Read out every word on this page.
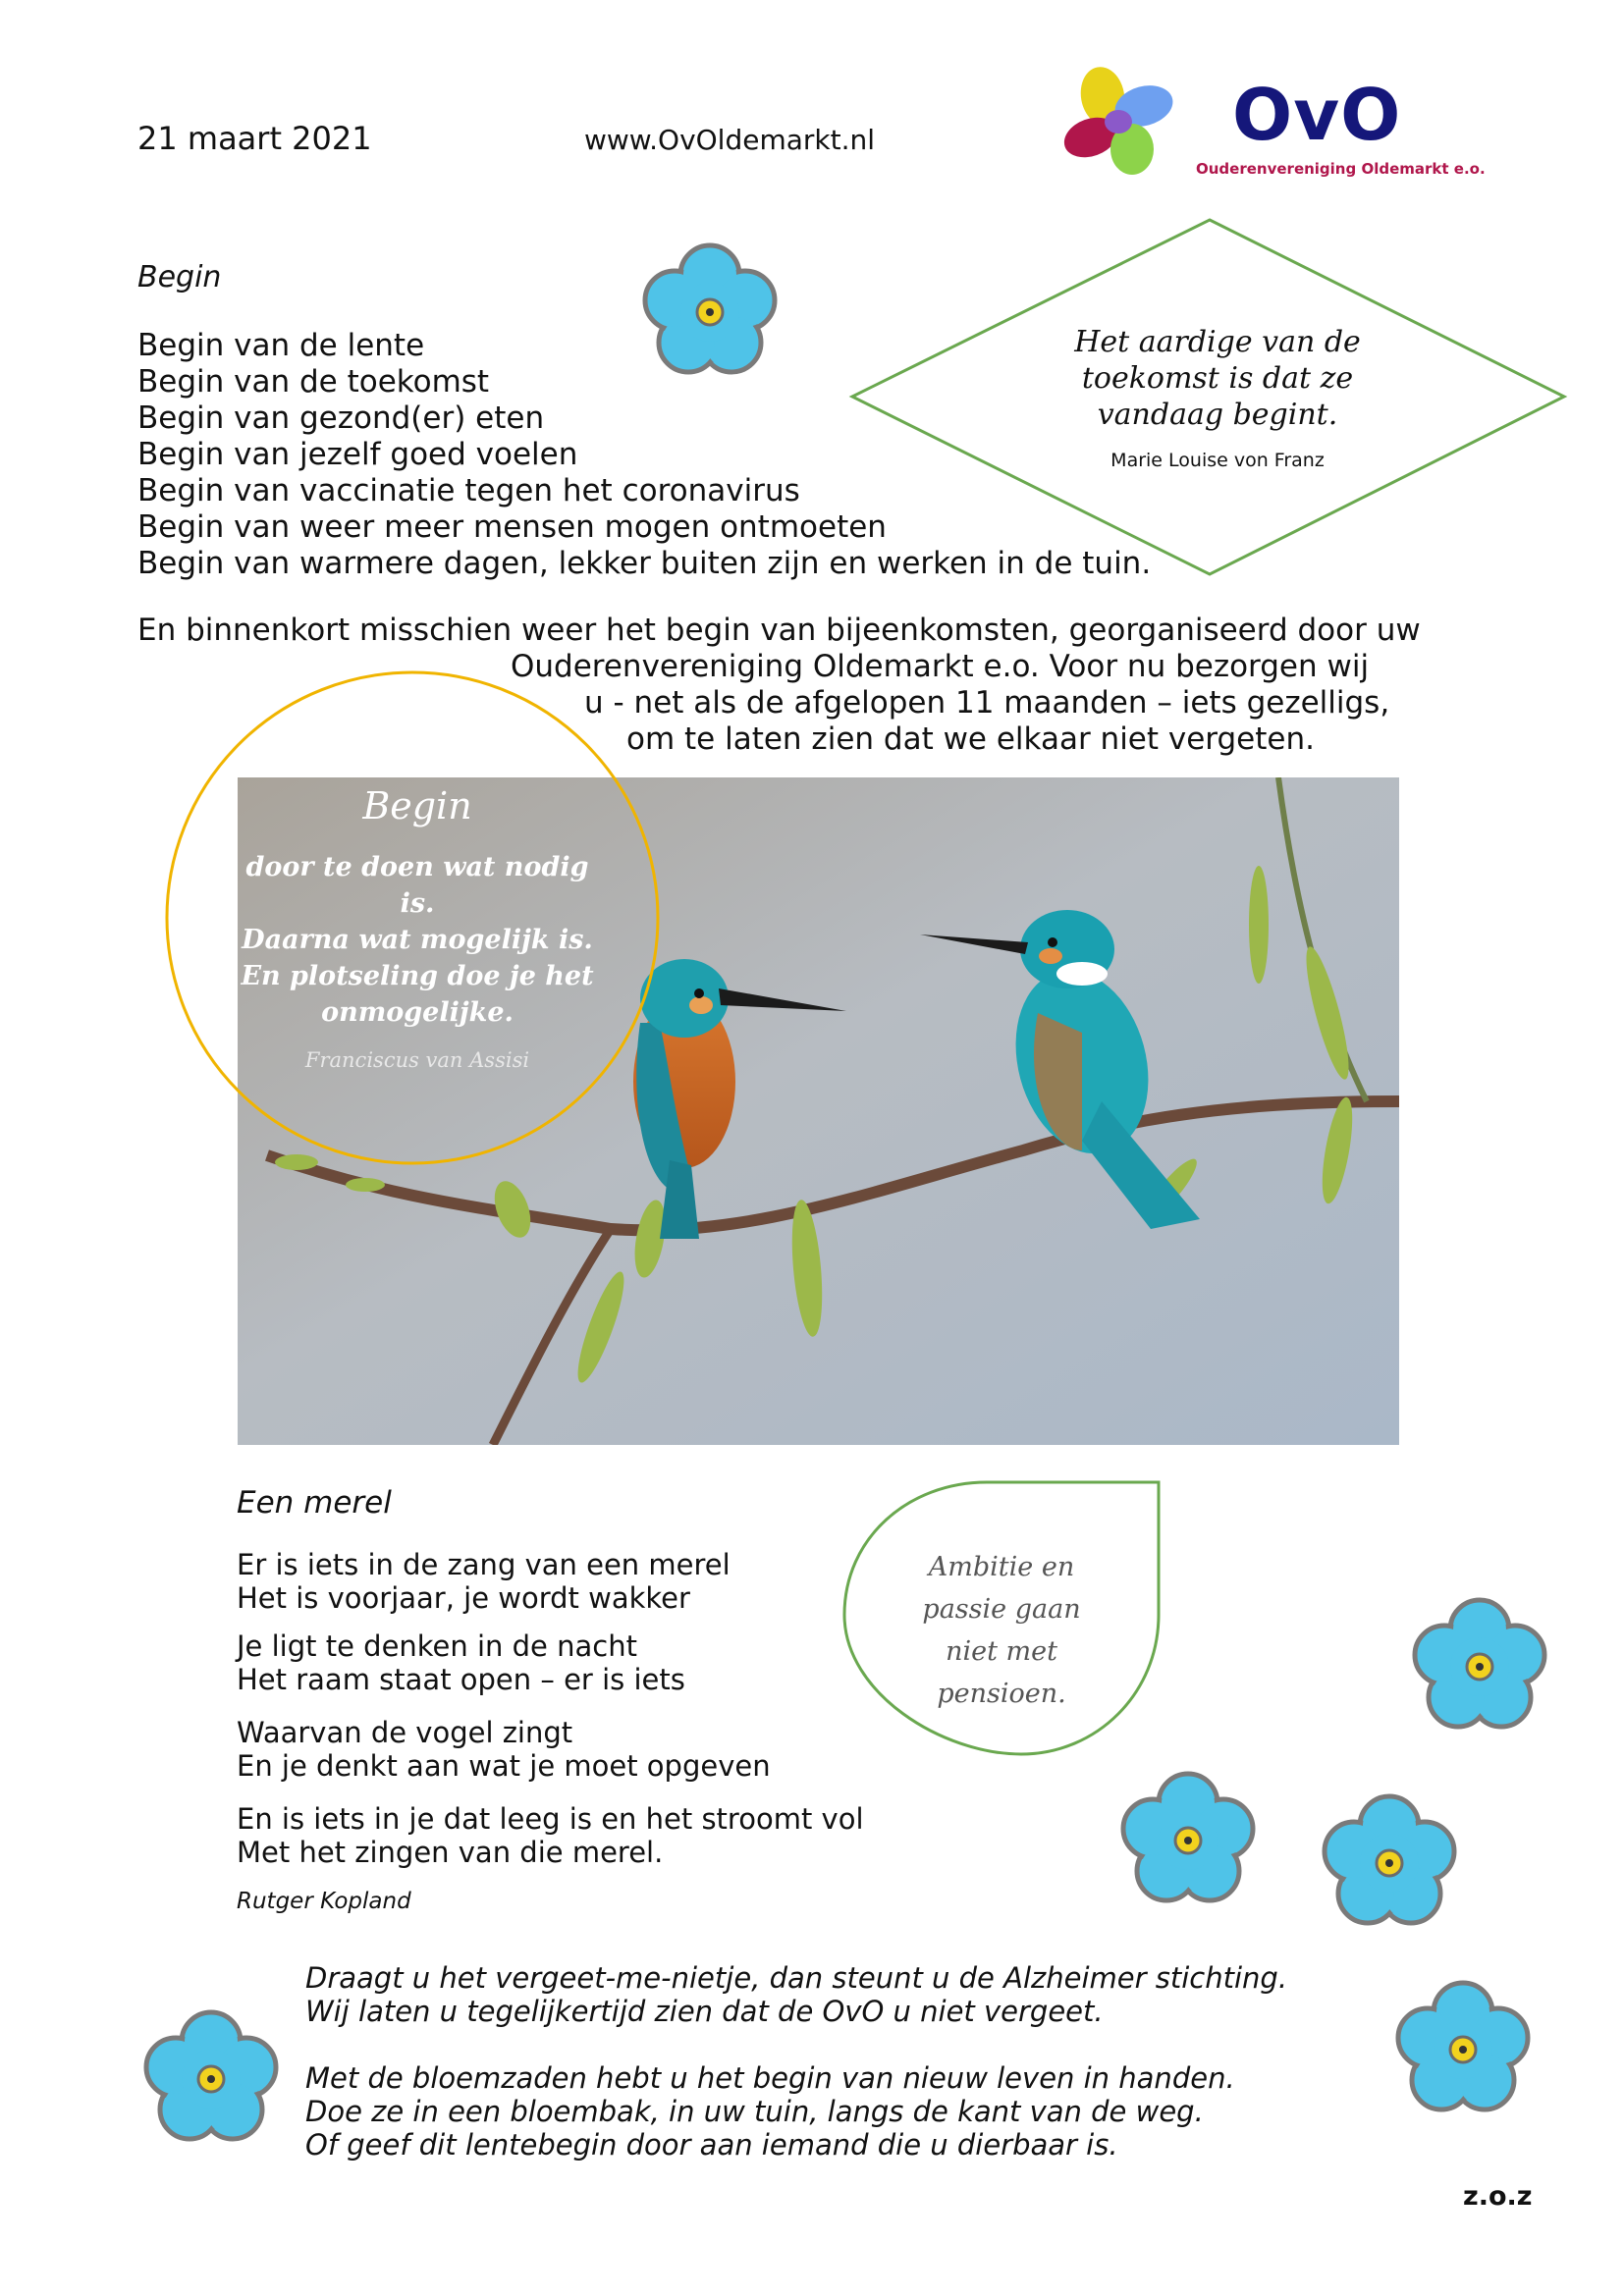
21 maart 2021	www.OvOldemarkt.nl	OvO
Ouderenvereniging Oldemarkt e.o.
Begin
Begin van de lente
Begin van de toekomst
Begin van gezond(er) eten
Begin van jezelf goed voelen
Begin van vaccinatie tegen het coronavirus
Begin van weer meer mensen mogen ontmoeten
Begin van warmere dagen, lekker buiten zijn en werken in de tuin.
En binnenkort misschien weer het begin van bijeenkomsten, georganiseerd door uw
Ouderenvereniging Oldemarkt e.o. Voor nu bezorgen wij
u - net als de afgelopen 11 maanden – iets gezelligs,
om te laten zien dat we elkaar niet vergeten.
Het aardige van de
toekomst is dat ze
vandaag begint.
Marie Louise von Franz
Begin
door te doen wat nodig is.
Daarna wat mogelijk is.
En plotseling doe je het
onmogelijke.
Franciscus van Assisi
Een merel
Er is iets in de zang van een merel
Het is voorjaar, je wordt wakker
Je ligt te denken in de nacht
Het raam staat open – er is iets
Waarvan de vogel zingt
En je denkt aan wat je moet opgeven
En is iets in je dat leeg is en het stroomt vol
Met het zingen van die merel.
Rutger Kopland
Ambitie en
passie gaan
niet met
pensioen.
Draagt u het vergeet-me-nietje, dan steunt u de Alzheimer stichting.
Wij laten u tegelijkertijd zien dat de OvO u niet vergeet.
Met de bloemzaden hebt u het begin van nieuw leven in handen.
Doe ze in een bloembak, in uw tuin, langs de kant van de weg.
Of geef dit lentebegin door aan iemand die u dierbaar is.
z.o.z
